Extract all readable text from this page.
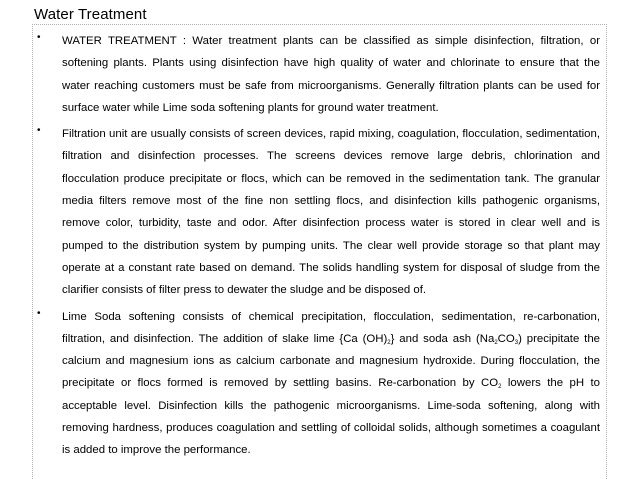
Water Treatment
• WATER TREATMENT : Water treatment plants can be classified as simple disinfection, filtration, or softening plants. Plants using disinfection have high quality of water and chlorinate to ensure that the water reaching customers must be safe from microorganisms. Generally filtration plants can be used for surface water while Lime soda softening plants for ground water treatment.
• Filtration unit are usually consists of screen devices, rapid mixing, coagulation, flocculation, sedimentation, filtration and disinfection processes. The screens devices remove large debris, chlorination and flocculation produce precipitate or flocs, which can be removed in the sedimentation tank. The granular media filters remove most of the fine non settling flocs, and disinfection kills pathogenic organisms, remove color, turbidity, taste and odor. After disinfection process water is stored in clear well and is pumped to the distribution system by pumping units. The clear well provide storage so that plant may operate at a constant rate based on demand. The solids handling system for disposal of sludge from the clarifier consists of filter press to dewater the sludge and be disposed of.
• Lime Soda softening consists of chemical precipitation, flocculation, sedimentation, re-carbonation, filtration, and disinfection. The addition of slake lime {Ca $(OH)_2$} and soda ash $(Na_2CO_3)$ precipitate the calcium and magnesium ions as calcium carbonate and magnesium hydroxide. During flocculation, the precipitate or flocs formed is removed by settling basins. Re-carbonation by $CO_2$ lowers the pH to acceptable level. Disinfection kills the pathogenic microorganisms. Lime-soda softening, along with removing hardness, produces coagulation and settling of colloidal solids, although sometimes a coagulant is added to improve the performance.
